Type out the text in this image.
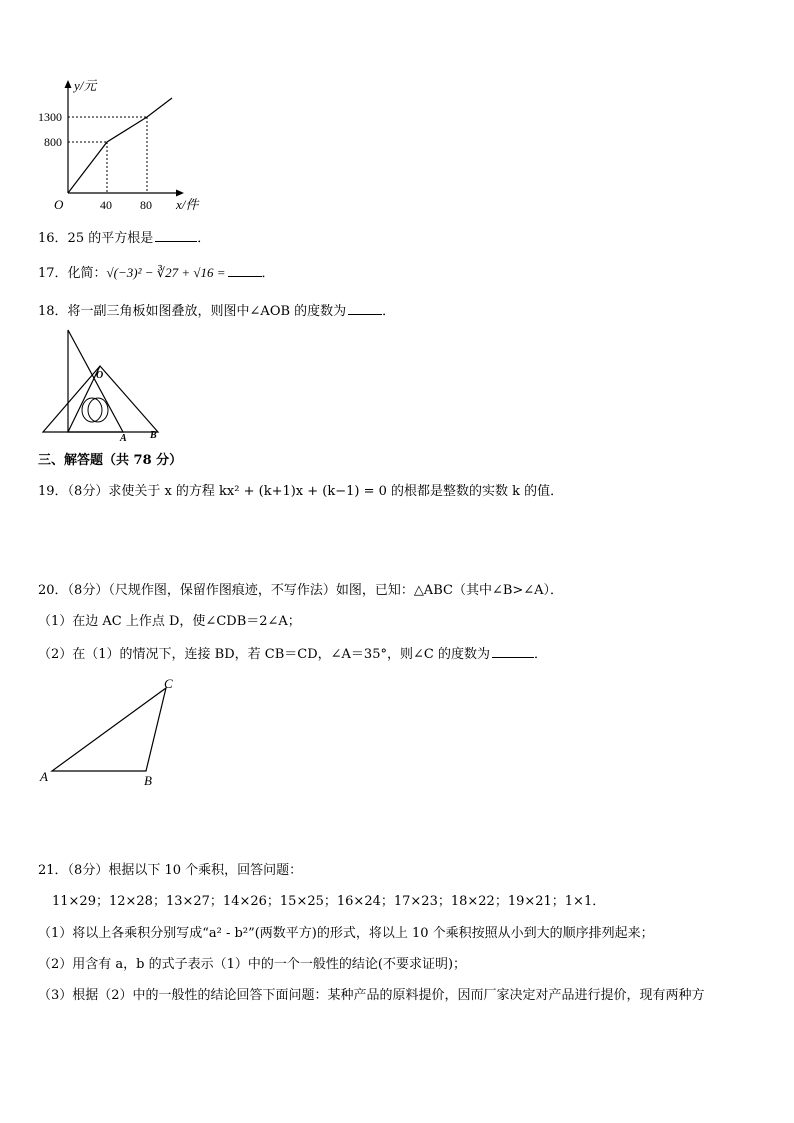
y/元
x/件
O
1300
800
40 80
O
A B
A	B
C
16．25 的平方根是	．
17．化简：√(−3)² − ∛27 + √16 =	．
18．将一副三角板如图叠放，则图中∠AOB 的度数为	．
三、解答题（共 78 分）
19．（8分）求使关于 x 的方程 kx² + (k+1)x + (k−1) = 0 的根都是整数的实数 k 的值．
20．（8分）（尺规作图，保留作图痕迹，不写作法）如图，已知：△ABC（其中∠B>∠A）．
（1）在边 AC 上作点 D，使∠CDB＝2∠A；
（2）在（1）的情况下，连接 BD，若 CB＝CD，∠A＝35°，则∠C 的度数为	．
21．（8分）根据以下 10 个乘积，回答问题：
11×29；12×28；13×27；14×26；15×25；16×24；17×23；18×22；19×21；1×1．
（1）将以上各乘积分别写成“a² - b²”(两数平方)的形式，将以上 10 个乘积按照从小到大的顺序排列起来；
（2）用含有 a，b 的式子表示（1）中的一个一般性的结论(不要求证明)；
（3）根据（2）中的一般性的结论回答下面问题：某种产品的原料提价，因而厂家决定对产品进行提价，现有两种方
